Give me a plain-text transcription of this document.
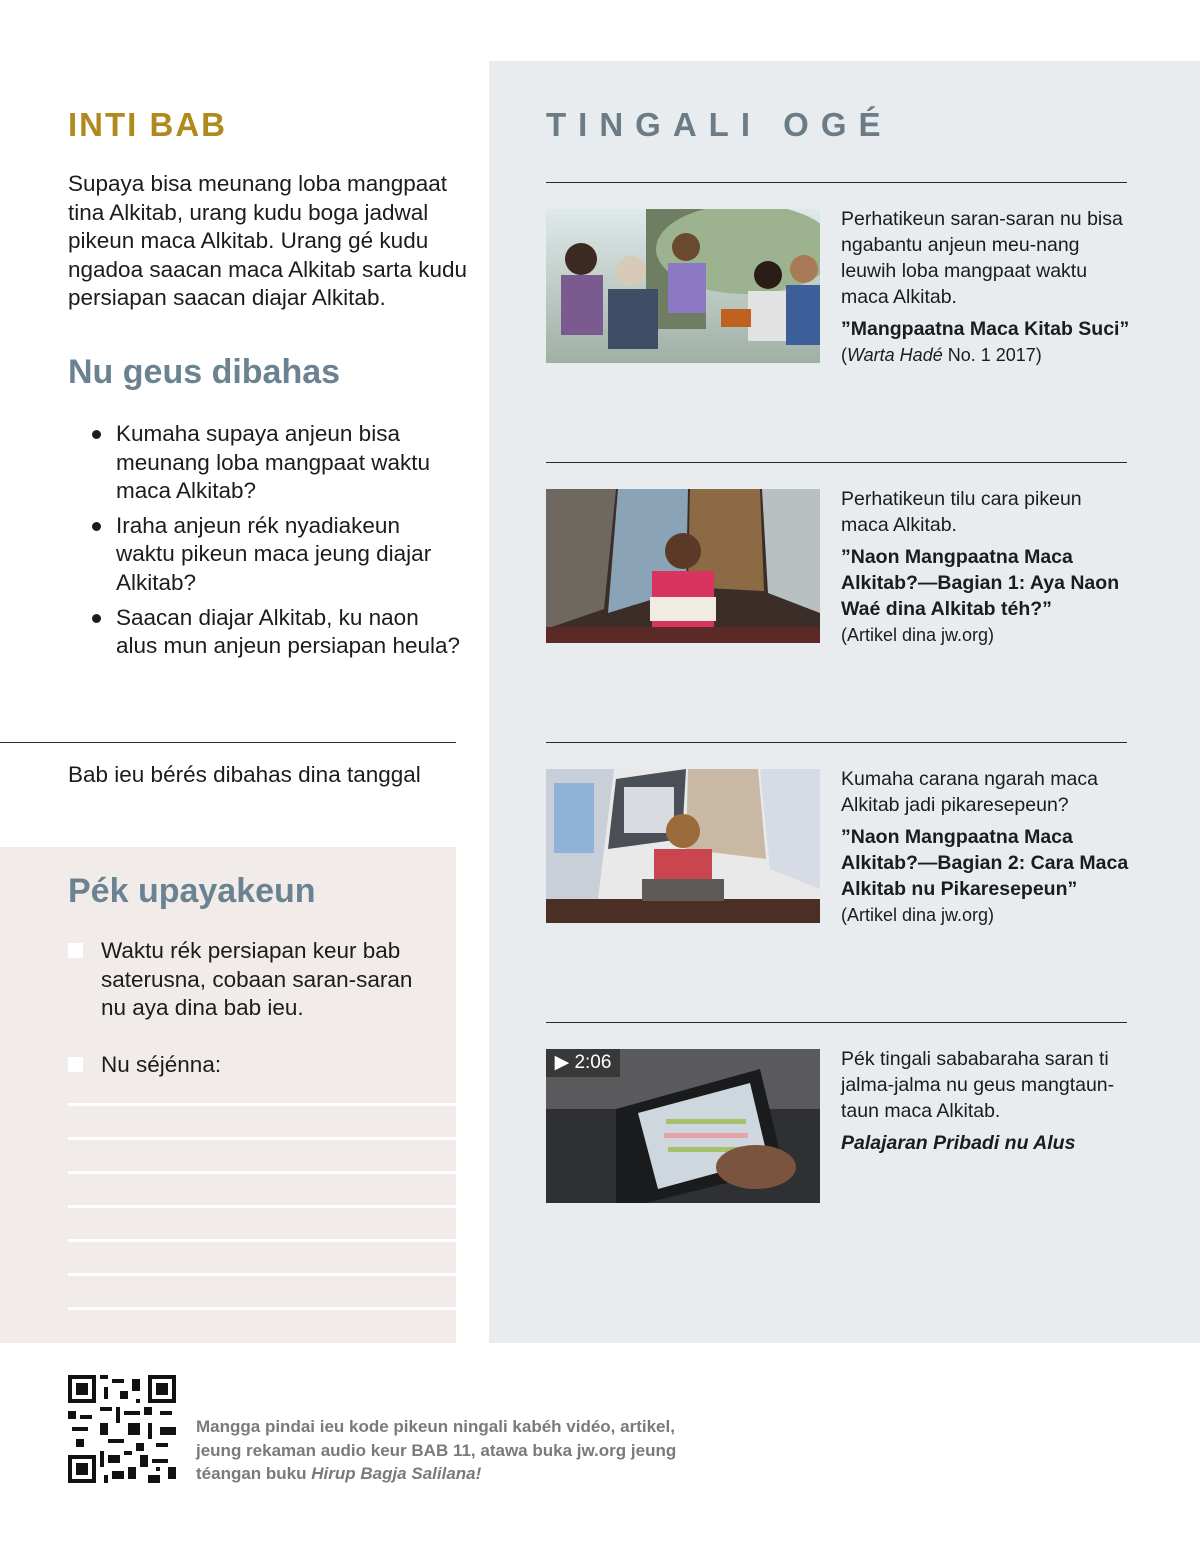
INTI BAB
Supaya bisa meunang loba mangpaat tina Alkitab, urang kudu boga jadwal pikeun maca Alkitab. Urang gé kudu ngadoa saacan maca Alkitab sarta kudu persiapan saacan diajar Alkitab.
Nu geus dibahas
Kumaha supaya anjeun bisa meunang loba mangpaat waktu maca Alkitab?
Iraha anjeun rék nyadiakeun waktu pikeun maca jeung diajar Alkitab?
Saacan diajar Alkitab, ku naon alus mun anjeun persiapan heula?
Bab ieu bérés dibahas dina tanggal
Pék upayakeun
Waktu rék persiapan keur bab saterusna, cobaan saran-saran nu aya dina bab ieu.
Nu séjénna:
TINGALI OGÉ

Perhatikeun saran-saran nu bisa ngabantu anjeun meu-nang leuwih loba mangpaat waktu maca Alkitab.

”Mangpaatna Maca Kitab Suci”

(Warta Hadé No. 1 2017)

Perhatikeun tilu cara pikeun maca Alkitab.

”Naon Mangpaatna Maca Alkitab?—Bagian 1: Aya Naon Waé dina Alkitab téh?”

(Artikel dina jw.org)

Kumaha carana ngarah maca Alkitab jadi pikaresepeun?

”Naon Mangpaatna Maca Alkitab?—Bagian 2: Cara Maca Alkitab nu Pikaresepeun”

(Artikel dina jw.org)

▶ 2:06	Pék tingali sababaraha saran ti jalma-jalma nu geus mangtaun-taun maca Alkitab.

Palajaran Pribadi nu Alus

Mangga pindai ieu kode pikeun ningali kabéh vidéo, artikel, jeung rekaman audio keur BAB 11, atawa buka jw.org jeung téangan buku Hirup Bagja Salilana!
